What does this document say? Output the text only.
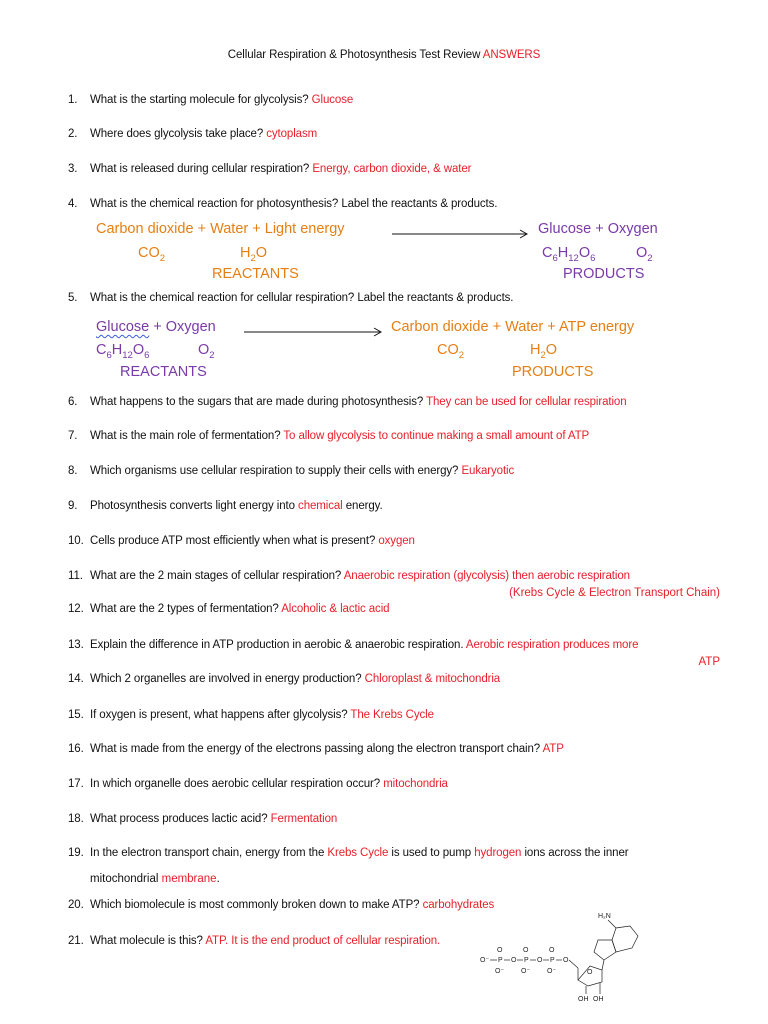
Cellular Respiration & Photosynthesis Test Review ANSWERS
1. What is the starting molecule for glycolysis? Glucose
2. Where does glycolysis take place? cytoplasm
3. What is released during cellular respiration? Energy, carbon dioxide, & water
4. What is the chemical reaction for photosynthesis? Label the reactants & products.
Carbon dioxide + Water + Light energy	Glucose + Oxygen
$CO_2$	$H_2O$	$C_6H_{12}O_6$	$O_2$
REACTANTS	PRODUCTS
5. What is the chemical reaction for cellular respiration? Label the reactants & products.
Glucose + Oxygen	Carbon dioxide + Water + ATP energy
$C_6H_{12}O_6$	$O_2$	$CO_2$	$H_2O$
REACTANTS	PRODUCTS
6. What happens to the sugars that are made during photosynthesis? They can be used for cellular respiration
7. What is the main role of fermentation? To allow glycolysis to continue making a small amount of ATP
8. Which organisms use cellular respiration to supply their cells with energy? Eukaryotic
9. Photosynthesis converts light energy into chemical energy.
10. Cells produce ATP most efficiently when what is present? oxygen
11. What are the 2 main stages of cellular respiration? Anaerobic respiration (glycolysis) then aerobic respiration
(Krebs Cycle & Electron Transport Chain)
12. What are the 2 types of fermentation? Alcoholic & lactic acid
13. Explain the difference in ATP production in aerobic & anaerobic respiration. Aerobic respiration produces more
ATP
14. Which 2 organelles are involved in energy production? Chloroplast & mitochondria
15. If oxygen is present, what happens after glycolysis? The Krebs Cycle
16. What is made from the energy of the electrons passing along the electron transport chain? ATP
17. In which organelle does aerobic cellular respiration occur? mitochondria
18. What process produces lactic acid? Fermentation
19. In the electron transport chain, energy from the Krebs Cycle is used to pump hydrogen ions across the inner
mitochondrial membrane.
20. Which biomolecule is most commonly broken down to make ATP? carbohydrates
21. What molecule is this? ATP. It is the end product of cellular respiration.
H₂N
O⁻ P
O
O⁻
O P
O
O⁻
O P
O
O⁻
O
O
OH OH
